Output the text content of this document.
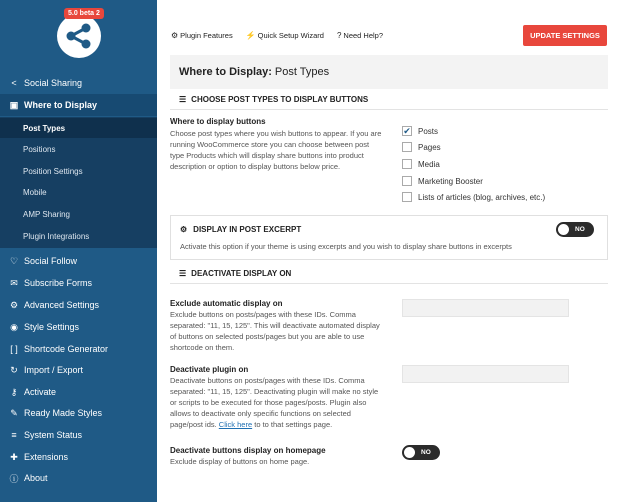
5.0 beta 2
< Social Sharing
▣ Where to Display
Post Types
Positions
Position Settings
Mobile
AMP Sharing
Plugin Integrations
♡ Social Follow
✉ Subscribe Forms
⚙ Advanced Settings
◉ Style Settings
[ ] Shortcode Generator
↻ Import / Export
⚷ Activate
✎ Ready Made Styles
≡ System Status
✚ Extensions
ⓘ About
⚙ Plugin Features ⚡ Quick Setup Wizard ? Need Help?	UPDATE SETTINGS
Where to Display: Post Types
☰ CHOOSE POST TYPES TO DISPLAY BUTTONS
Where to display buttons
Choose post types where you wish buttons to appear. If you are
running WooCommerce store you can choose between post
type Products which will display share buttons into product
description or option to display buttons below price.
✔ Posts
Pages
Media
Marketing Booster
Lists of articles (blog, archives, etc.)
⚙ DISPLAY IN POST EXCERPT
Activate this option if your theme is using excerpts and you wish to display share buttons in excerpts
NO
☰ DEACTIVATE DISPLAY ON
Exclude automatic display on
Exclude buttons on posts/pages with these IDs. Comma
separated: "11, 15, 125". This will deactivate automated display
of buttons on selected posts/pages but you are able to use
shortcode on them.
Deactivate plugin on
Deactivate buttons on posts/pages with these IDs. Comma
separated: "11, 15, 125". Deactivating plugin will make no style
or scripts to be executed for those pages/posts. Plugin also
allows to deactivate only specific functions on selected
page/post ids. Click here to to that settings page.
Deactivate buttons display on homepage
Exclude display of buttons on home page.
NO
